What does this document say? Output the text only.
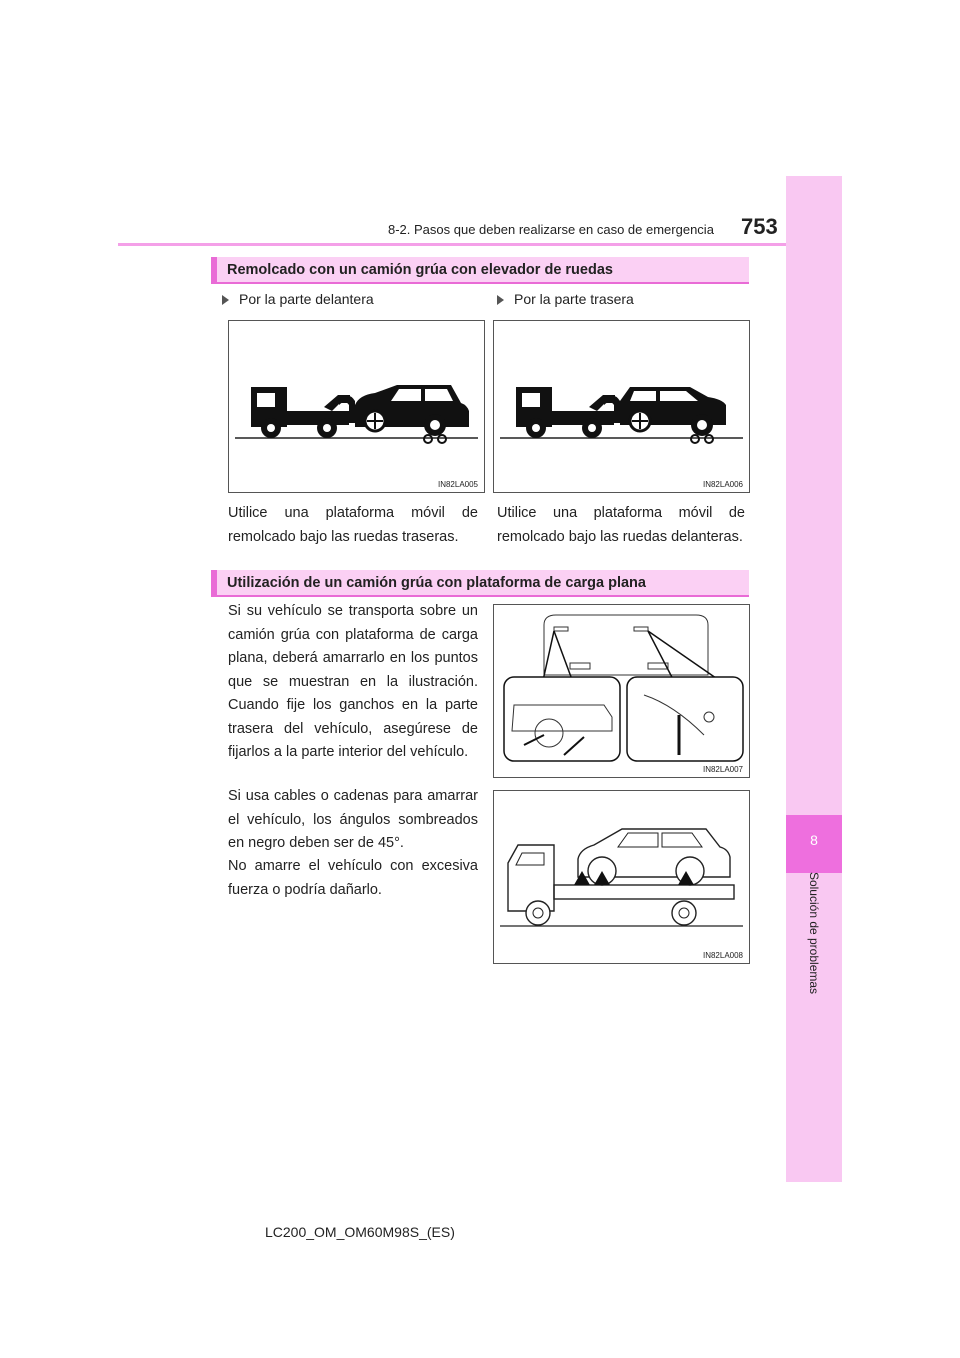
8-2. Pasos que deben realizarse en caso de emergencia 753
8
Solución de problemas
Remolcado con un camión grúa con elevador de ruedas
Por la parte delantera	Por la parte trasera
IN82LA005	IN82LA006
Utilice una plataforma móvil de remolcado bajo las ruedas traseras.
Utilice una plataforma móvil de remolcado bajo las ruedas delanteras.
Utilización de un camión grúa con plataforma de carga plana
Si su vehículo se transporta sobre un camión grúa con plataforma de carga plana, deberá amarrarlo en los puntos que se muestran en la ilustración. Cuando fije los ganchos en la parte trasera del vehículo, asegúrese de fijarlos a la parte interior del vehículo.
Si usa cables o cadenas para amarrar el vehículo, los ángulos sombreados en negro deben ser de 45°.
No amarre el vehículo con excesiva fuerza o podría dañarlo.
IN82LA007
IN82LA008
LC200_OM_OM60M98S_(ES)
